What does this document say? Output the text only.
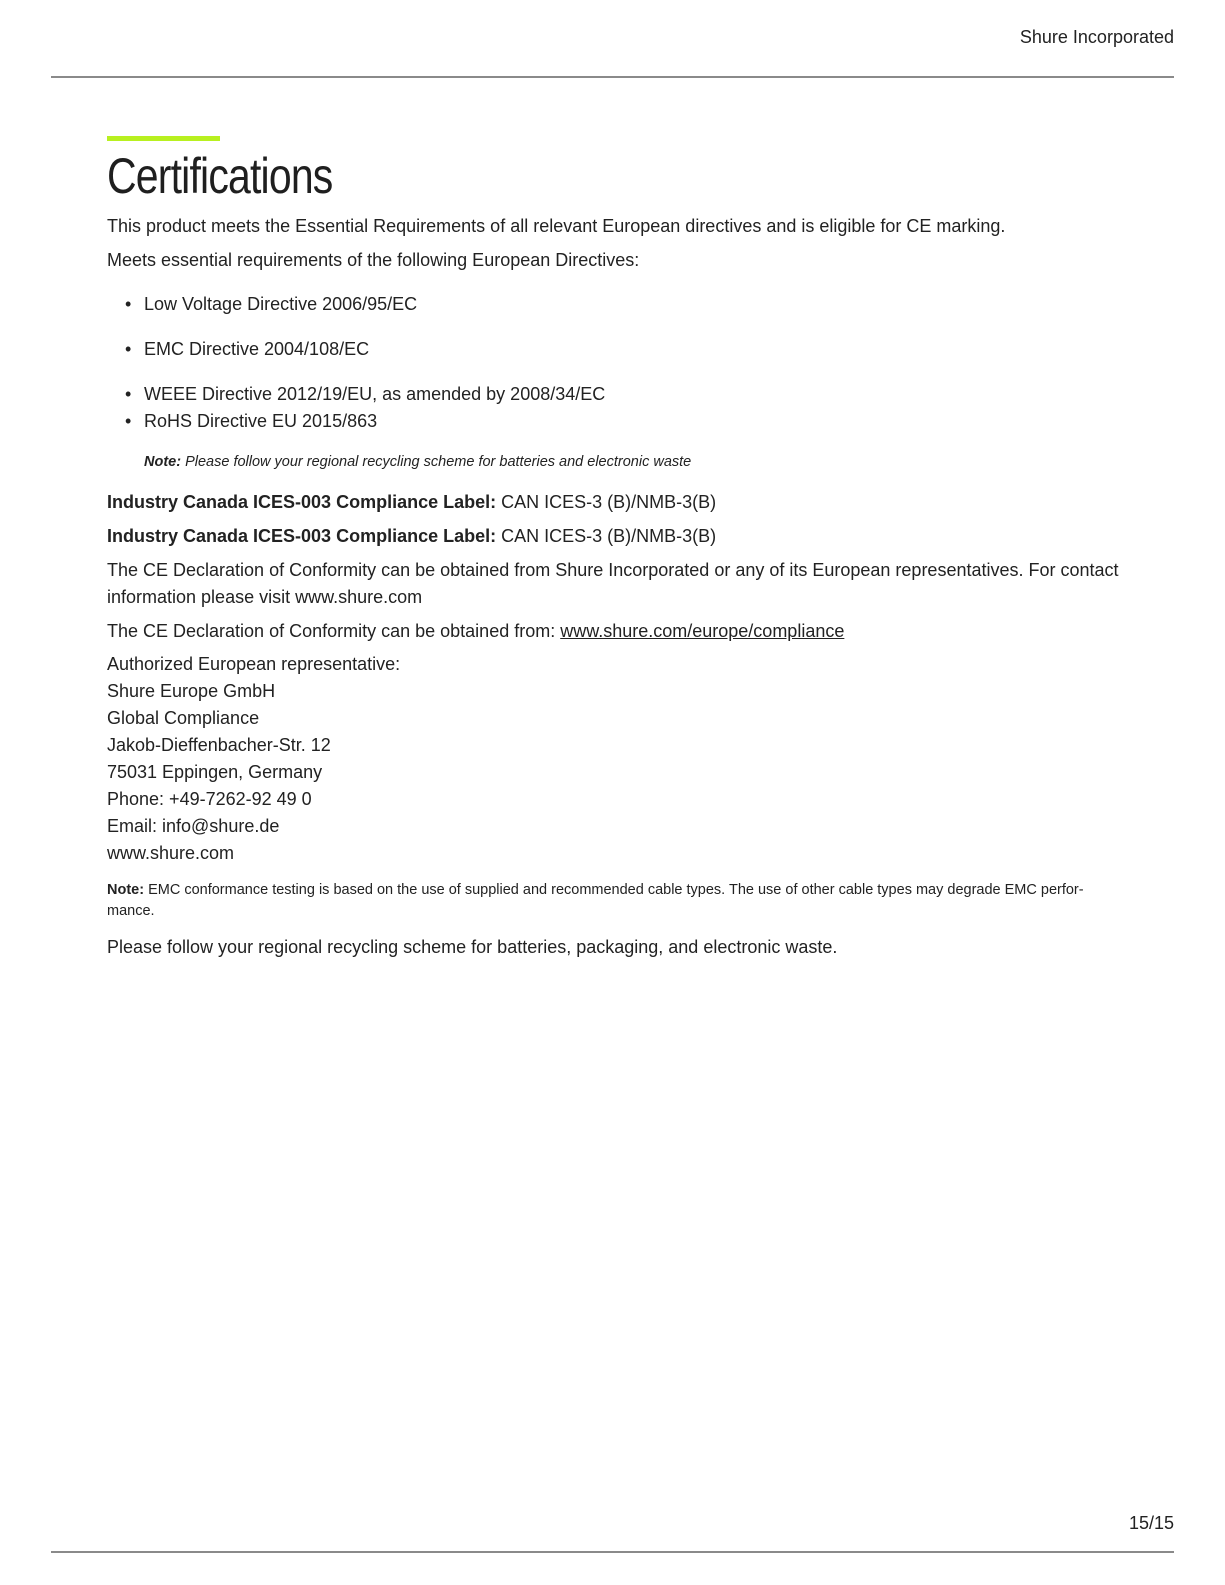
Shure Incorporated
Certifications

This product meets the Essential Requirements of all relevant European directives and is eligible for CE marking.

Meets essential requirements of the following European Directives:

• Low Voltage Directive 2006/95/EC
• EMC Directive 2004/108/EC
• WEEE Directive 2012/19/EU, as amended by 2008/34/EC
• RoHS Directive EU 2015/863

Note: Please follow your regional recycling scheme for batteries and electronic waste

Industry Canada ICES-003 Compliance Label: CAN ICES-3 (B)/NMB-3(B)

Industry Canada ICES-003 Compliance Label: CAN ICES-3 (B)/NMB-3(B)

The CE Declaration of Conformity can be obtained from Shure Incorporated or any of its European representatives. For contact information please visit www.shure.com

The CE Declaration of Conformity can be obtained from: www.shure.com/europe/compliance

Authorized European representative:
Shure Europe GmbH
Global Compliance
Jakob-Dieffenbacher-Str. 12
75031 Eppingen, Germany
Phone: +49-7262-92 49 0
Email: info@shure.de
www.shure.com
Note: EMC conformance testing is based on the use of supplied and recommended cable types. The use of other cable types may degrade EMC perfor-
mance.

Please follow your regional recycling scheme for batteries, packaging, and electronic waste.

15/15
